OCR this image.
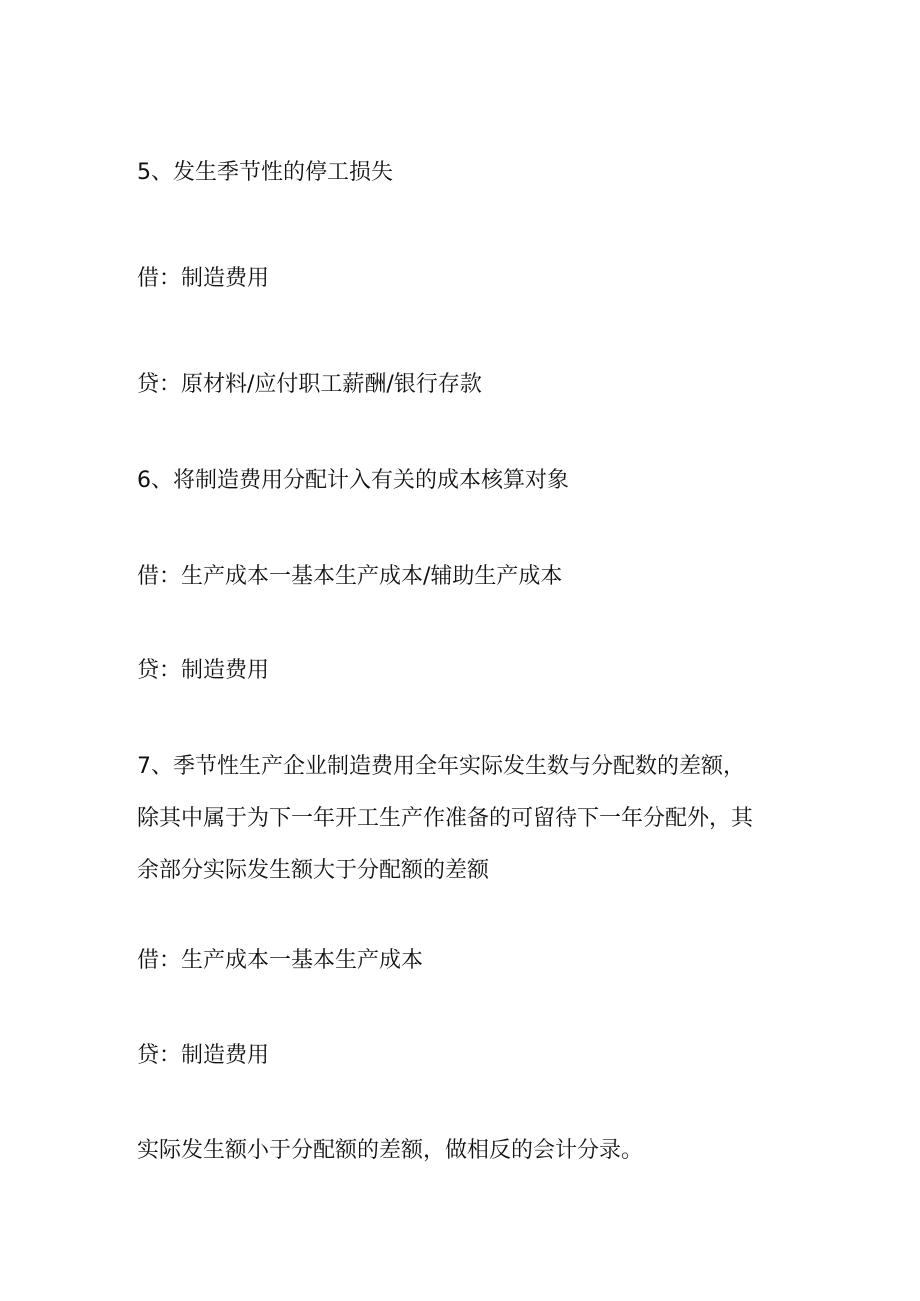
5、发生季节性的停工损失

借：制造费用

贷：原材料/应付职工薪酬/银行存款

6、将制造费用分配计入有关的成本核算对象

借：生产成本一基本生产成本/辅助生产成本

贷：制造费用

7、季节性生产企业制造费用全年实际发生数与分配数的差额，
除其中属于为下一年开工生产作准备的可留待下一年分配外，其
余部分实际发生额大于分配额的差额

借：生产成本一基本生产成本

贷：制造费用

实际发生额小于分配额的差额，做相反的会计分录。
